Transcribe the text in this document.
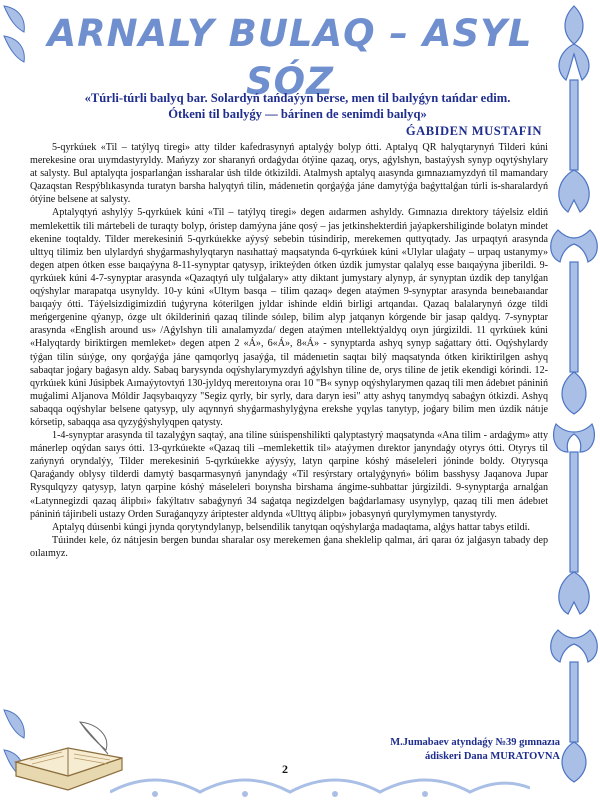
ARNALY BULAQ – ASYL SÓZ
«Túrli-túrli baılyq bar. Solardyń tańdaýyn berse, men til baılyǵyn tańdar edim.
Ótkeni til baılyǵy — bárinen de senimdi baılyq»
ǴABIDEN MUSTAFIN

5-qyrkúıek «Til – tatýlyq tiregi» atty tilder kafedrasynyń aptalyǵy bolyp ótti. Aptalyq QR halyqtarynyń Tilderi kúni merekesine oraı uıymdastyryldy. Mańyzy zor sharanyń ordaǵydaı ótýine qazaq, orys, aǵylshyn, bastaýysh synyp oqytýshylary at salysty. Bul aptalyqta josparlanǵan issharalar úsh tilde ótkizildi. Atalmysh aptalyq aıasynda gımnazıamyzdyń til mamandary Qazaqstan Respýblıkasynda turatyn barsha halyqtyń tilin, mádenıetin qorǵaýǵa jáne damytýǵa baǵyttalǵan túrli is-sharalardyń ótýine belsene at salysty.

Aptalyqtyń ashylýy 5-qyrkúıek kúni «Til – tatýlyq tiregi» degen aıdarmen ashyldy. Gımnazıa dırektory táýelsiz eldiń memlekettik tili mártebeli de turaqty bolyp, óristep damýyna jáne qosý – jas jetkinshekterdiń jaýapkershiliginde bolatyn mindet ekenine toqtaldy. Tilder merekesiniń 5-qyrkúıekke aýysý sebebin túsindirip, merekemen quttyqtady. Jas urpaqtyń arasynda ulttyq tilimiz ben ulylardyń shyǵarmashylyqtaryn nasıhattaý maqsatynda 6-qyrkúıek kúni «Ulylar ulaǵaty – urpaq ustanymy» degen atpen ótken esse baıqaýyna 8-11-synyptar qatysyp, irikteýden ótken úzdik jumystar qalalyq esse baıqaýyna jiberildi. 9-qyrkúıek kúni 4-7-synyptar arasynda «Qazaqtyń uly tulǵalary» atty diktant jumystary alynyp, ár synyptan úzdik dep tanylǵan oqýshylar marapatqa usynyldy. 10-y kúni «Ultym basqa – tilim qazaq» degen ataýmen 9-synyptar arasynda beınebaıandar baıqaýy ótti. Táýelsizdigimizdiń tuǵyryna kóterilgen jyldar ishinde eldiń birligi artqandaı. Qazaq balalarynyń ózge tildi meńgergenine qýanyp, ózge ult ókilderiniń qazaq tilinde sóılep, bilim alyp jatqanyn kórgende bir jasap qaldyq. 7-synyptar arasynda «English around us» /Aǵylshyn tili aınalamyzda/ degen ataýmen ıntellektýaldyq oıyn júrgizildi. 11 qyrkúıek kúni «Halyqtardy biriktirgen memleket» degen atpen 2 «Á», 6«Á», 8«Á» - synyptarda ashyq synyp saǵattary ótti. Oqýshylardy týǵan tilin súıýge, ony qorǵaýǵa jáne qamqorlyq jasaýǵa, til mádenıetin saqtaı bilý maqsatynda ótken kiriktirilgen ashyq sabaqtar joǵary baǵasyn aldy. Sabaq barysynda oqýshylarymyzdyń aǵylshyn tiline de, orys tiline de jetik ekendigi kórindi. 12-qyrkúıek kúni Júsipbek Aımaýytovtyń 130-jyldyq mereıtoıyna oraı 10 "B« synyp oqýshylarymen qazaq tili men ádebıet pániniń muǵalimi Aljanova Móldir Jaqsybaıqyzy "Segiz qyrly, bir syrly, dara daryn iesi" atty ashyq tanymdyq sabaǵyn ótkizdi. Ashyq sabaqqa oqýshylar belsene qatysyp, uly aqynnyń shyǵarmashylyǵyna erekshe yqylas tanytyp, joǵary bilim men úzdik nátıje kórsetip, sabaqqa asa qyzyǵýshylyqpen qatysty.

1-4-synyptar arasynda til tazalyǵyn saqtaý, ana tiline súıispenshilikti qalyptastyrý maqsatynda «Ana tilim - ardaǵym» atty mánerlep oqýdan saıys ótti. 13-qyrkúıekte «Qazaq tili –memlekettik til» ataýymen dırektor janyndaǵy otyrys ótti. Otyrys til zańynyń oryndalýy, Tilder merekesiniń 5-qyrkúıekke aýysýy, latyn qarpine kóshý máseleleri jóninde boldy. Otyrysqa Qaraǵandy oblysy tilderdi damytý basqarmasynyń janyndaǵy «Til resýrstary ortalyǵynyń» bólim basshysy Jaqanova Jupar Rysqulqyzy qatysyp, latyn qarpine kóshý máseleleri boıynsha birshama ángime-suhbattar júrgizildi. 9-synyptarǵa arnalǵan «Latynnegizdi qazaq álipbıi» fakýltatıv sabaǵynyń 34 saǵatqa negizdelgen baǵdarlamasy usynylyp, qazaq tili men ádebıet pániniń tájirıbeli ustazy Orden Suraǵanqyzy áriptester aldynda «Ulttyq álipbı» jobasynyń qurylymymen tanystyrdy.

Aptalyq dúısenbi kúngi jıynda qorytyndylanyp, belsendilik tanytqan oqýshylarǵa madaqtama, alǵys hattar tabys etildi.

Túıindeı kele, óz nátıjesin bergen bundaı sharalar osy merekemen ǵana sheklelip qalmaı, ári qaraı óz jalǵasyn tabady dep oılaımyz.

M.Jumabaev atyndaǵy №39 gımnazıa
ádiskeri Dana MURATOVNA
2
